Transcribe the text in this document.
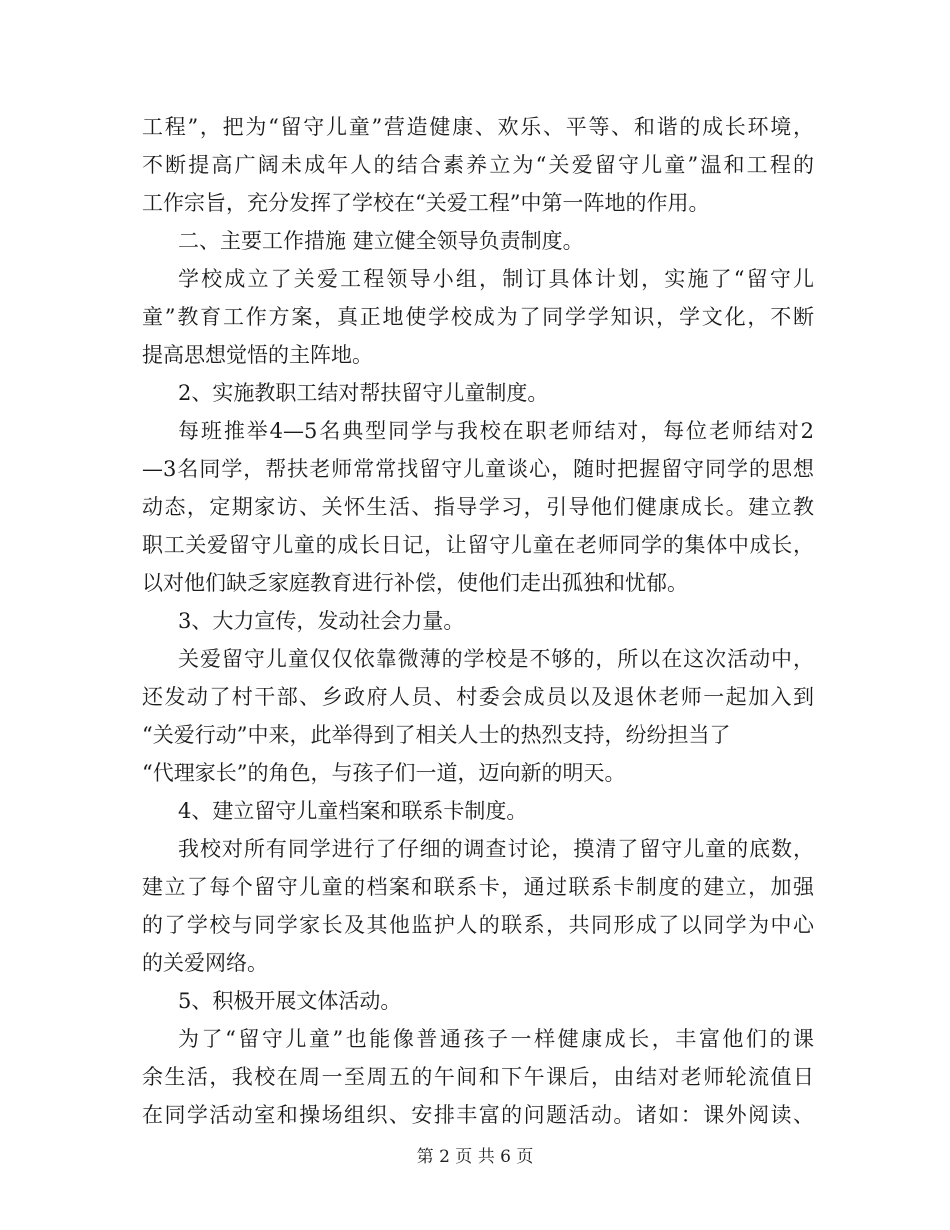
工程”，把为“留守儿童”营造健康、欢乐、平等、和谐的成长环境，
不断提高广阔未成年人的结合素养立为“关爱留守儿童”温和工程的
工作宗旨，充分发挥了学校在“关爱工程”中第一阵地的作用。
二、主要工作措施 建立健全领导负责制度。
学校成立了关爱工程领导小组，制订具体计划，实施了“留守儿
童”教育工作方案，真正地使学校成为了同学学知识，学文化，不断
提高思想觉悟的主阵地。
2、实施教职工结对帮扶留守儿童制度。
每班推举4—5名典型同学与我校在职老师结对，每位老师结对2
—3名同学，帮扶老师常常找留守儿童谈心，随时把握留守同学的思想
动态，定期家访、关怀生活、指导学习，引导他们健康成长。建立教
职工关爱留守儿童的成长日记，让留守儿童在老师同学的集体中成长，
以对他们缺乏家庭教育进行补偿，使他们走出孤独和忧郁。
3、大力宣传，发动社会力量。
关爱留守儿童仅仅依靠微薄的学校是不够的，所以在这次活动中，
还发动了村干部、乡政府人员、村委会成员以及退休老师一起加入到
“关爱行动”中来，此举得到了相关人士的热烈支持，纷纷担当了
“代理家长”的角色，与孩子们一道，迈向新的明天。
4、建立留守儿童档案和联系卡制度。
我校对所有同学进行了仔细的调查讨论，摸清了留守儿童的底数，
建立了每个留守儿童的档案和联系卡，通过联系卡制度的建立，加强
的了学校与同学家长及其他监护人的联系，共同形成了以同学为中心
的关爱网络。
5、积极开展文体活动。
为了“留守儿童”也能像普通孩子一样健康成长，丰富他们的课
余生活，我校在周一至周五的午间和下午课后，由结对老师轮流值日
在同学活动室和操场组织、安排丰富的问题活动。诸如：课外阅读、
第 2 页 共 6 页
